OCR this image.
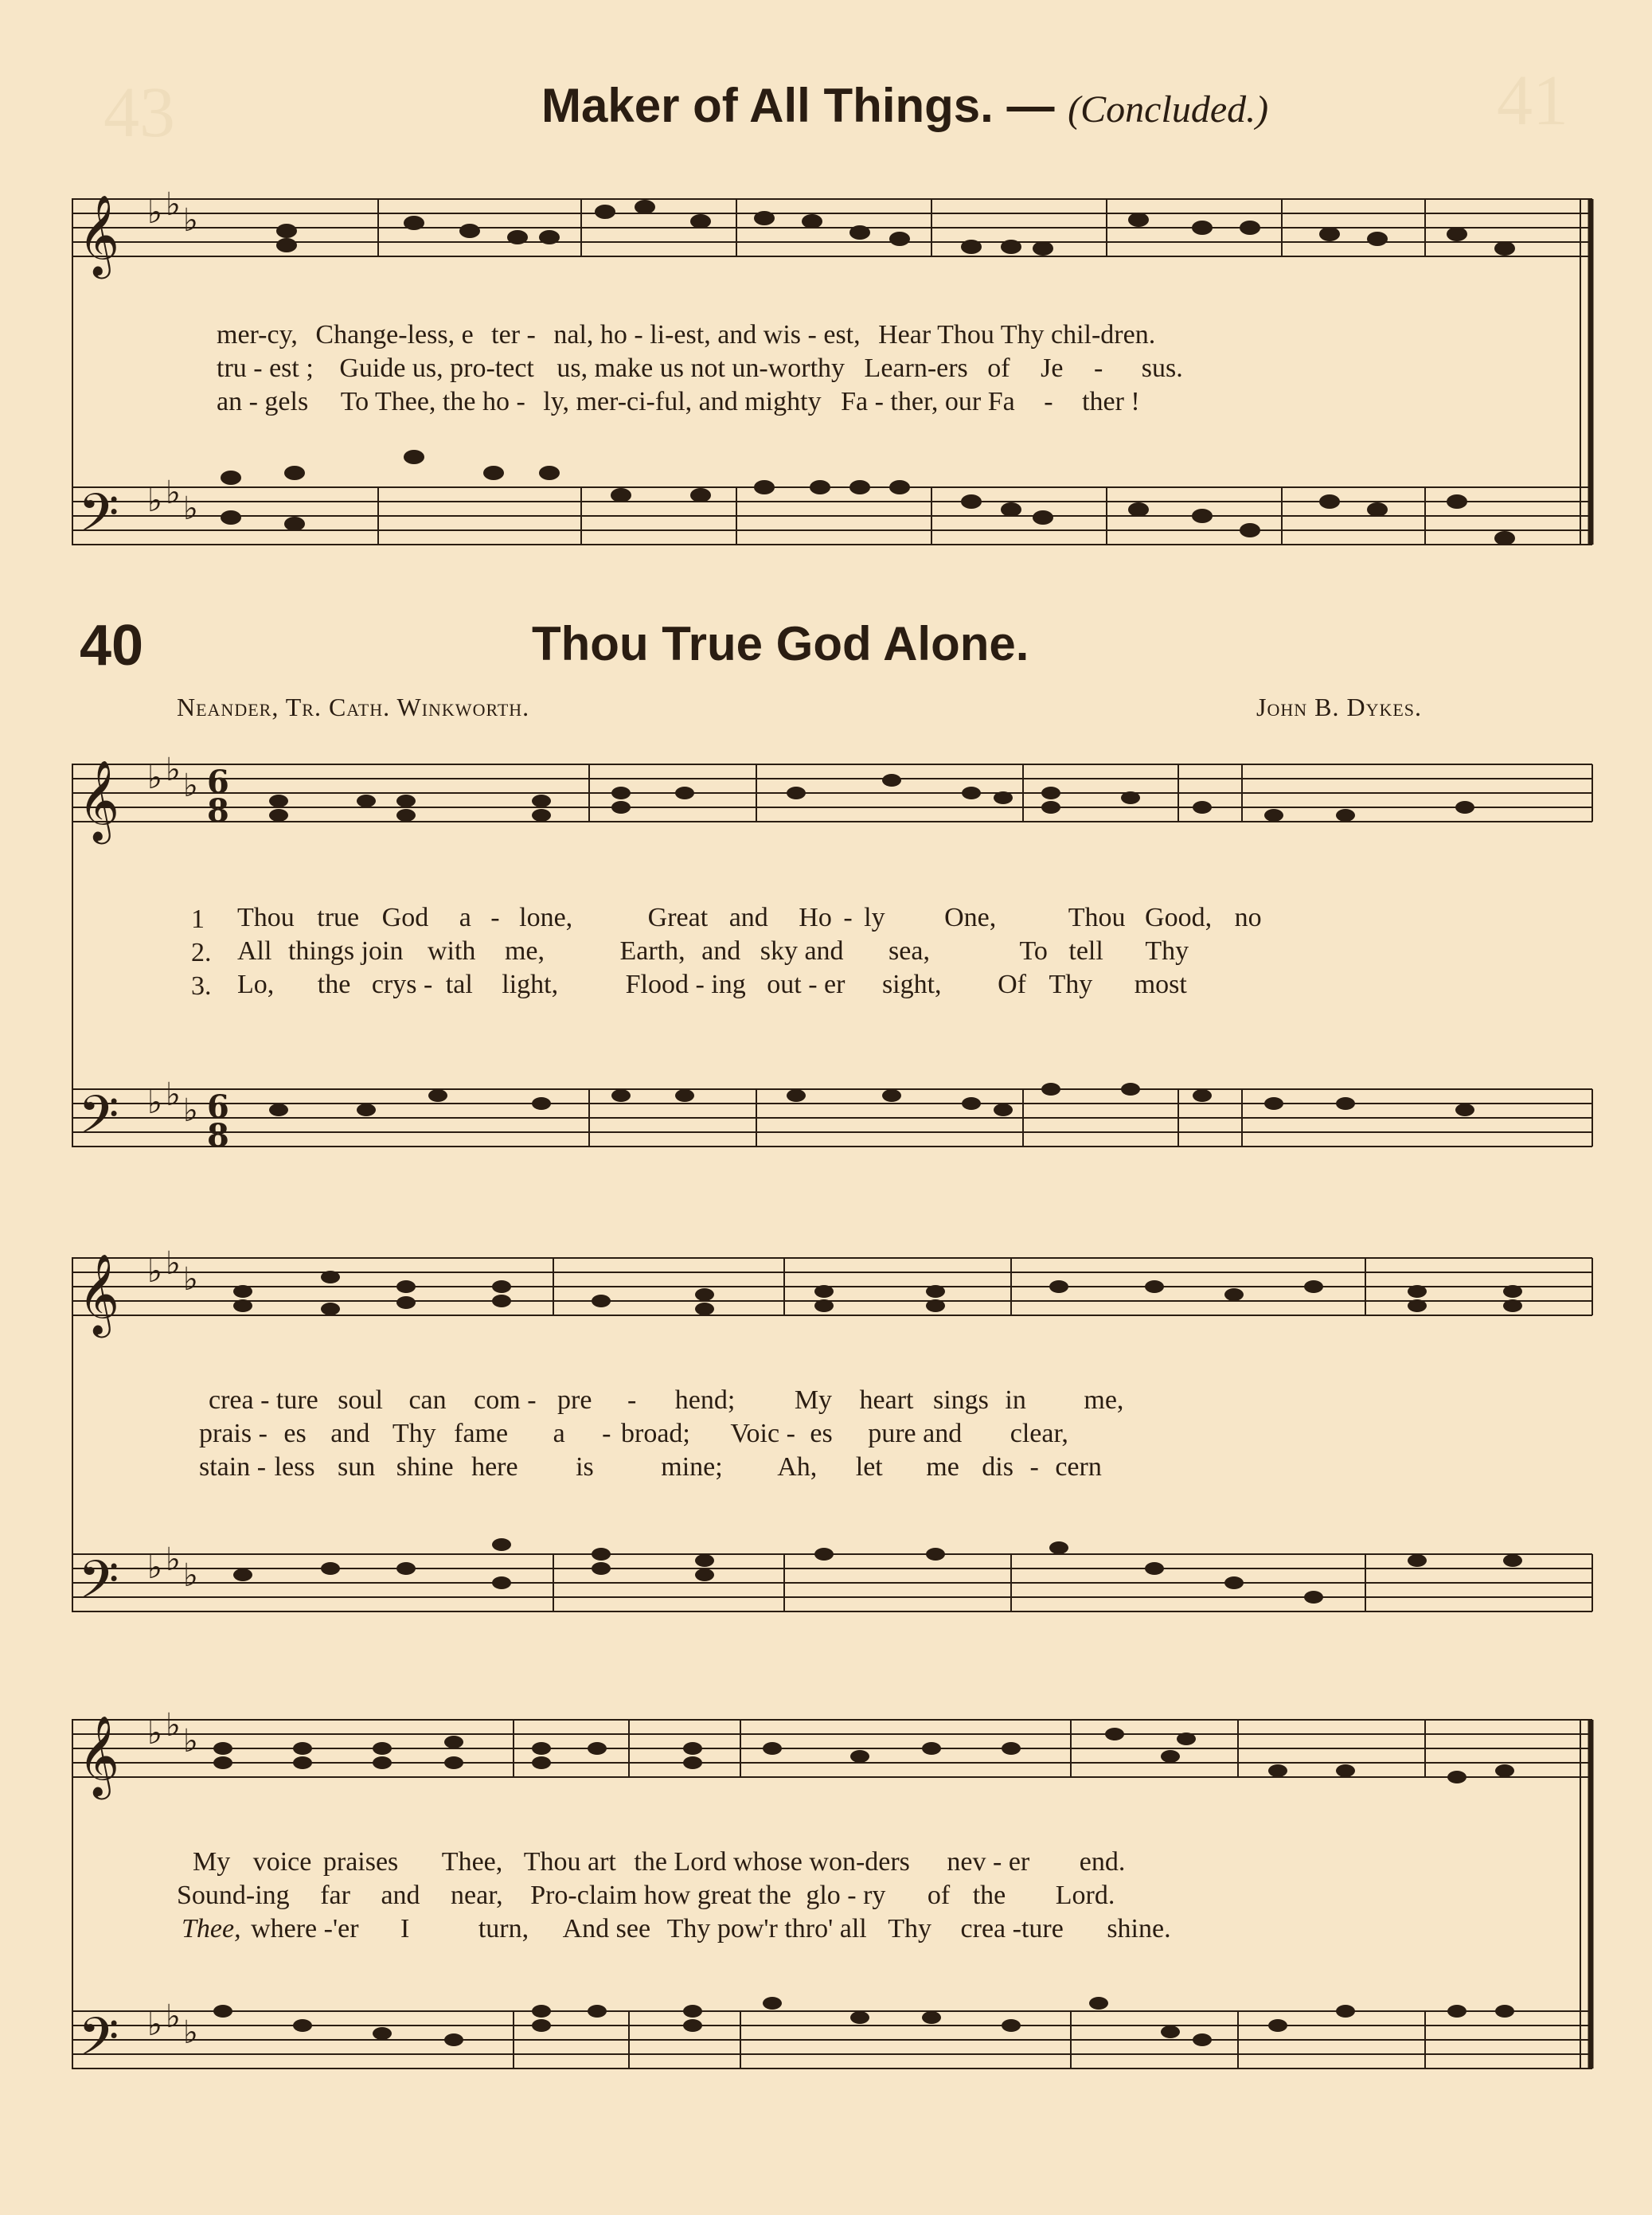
43	41
Maker of All Things. — (Concluded.)
𝄞
𝄢
♭ ♭ ♭
♭ ♭ ♭
mer-cy, Change-less, e ter - nal, ho - li-est, and wis - est, Hear Thou Thy chil-dren.
tru - est ; Guide us, pro-tect us, make us not un-worthy Learn-ers of Je - sus.
an - gels To Thee, the ho - ly, mer-ci-ful, and mighty Fa - ther, our Fa - ther !
40	Thou True God Alone.
Neander, Tr. Cath. Winkworth.	John B. Dykes.
𝄞
𝄢
♭ ♭ ♭
♭ ♭ ♭
6
8
6
8
1
2.
3.
Thou true God a - lone,	Great and Ho - ly One,	Thou Good, no
All things join with me,	Earth, and sky and sea,	To tell Thy
Lo, the crys - tal light, Flood - ing out - er sight, Of Thy most
𝄞
𝄢
♭ ♭ ♭
♭ ♭ ♭
crea - ture soul can com - pre - hend; My heart sings in me,
prais - es and Thy fame a - broad; Voic - es pure and clear,
stain - less sun shine here is mine; Ah, let me dis - cern
𝄞
𝄢
♭ ♭ ♭
♭ ♭ ♭
My voice praises Thee, Thou art the Lord whose won-ders nev - er end.
Sound-ing far and near, Pro-claim how great the glo - ry of the Lord.
Thee, where -'er I	turn, And see Thy pow'r thro' all Thy crea -ture shine.
